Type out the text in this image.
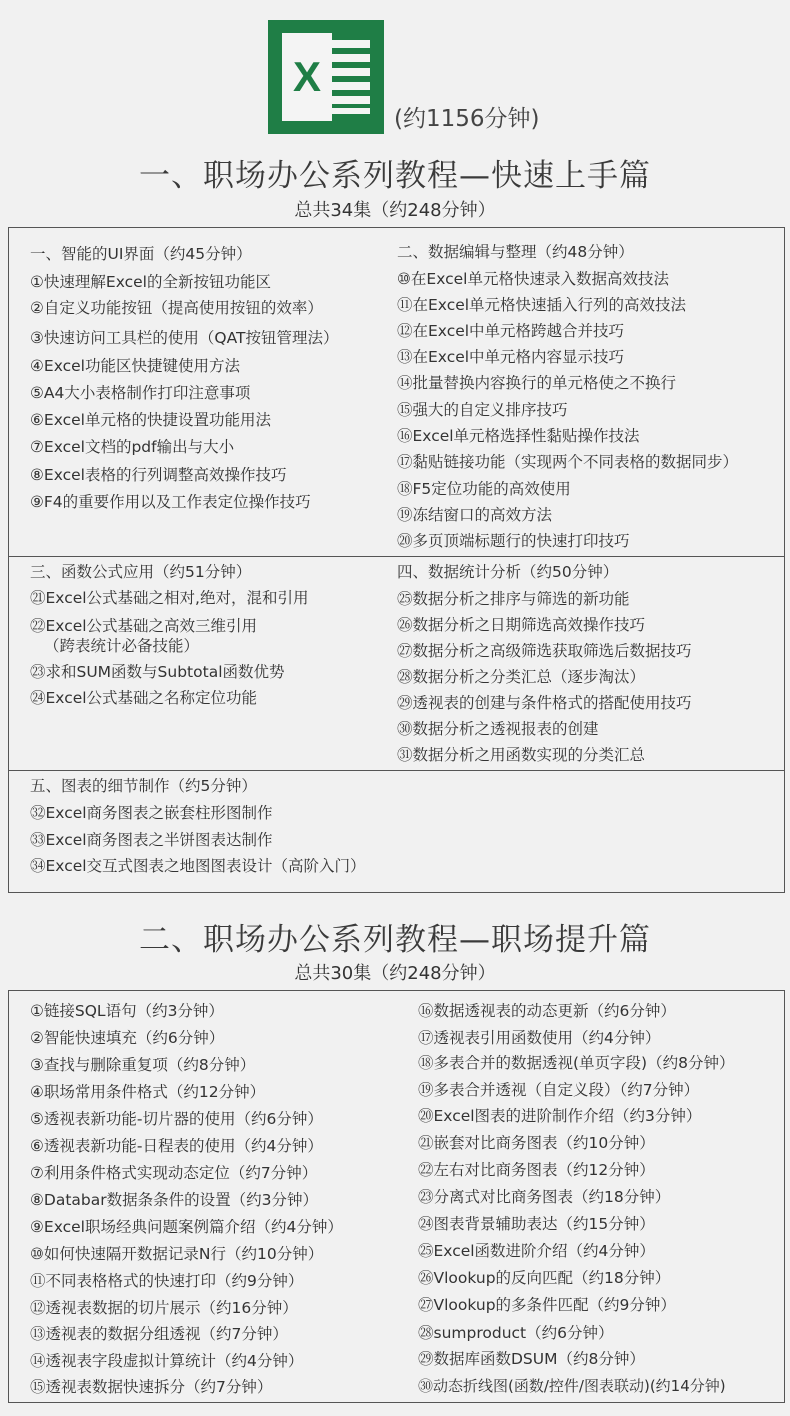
X
(约1156分钟)
一、职场办公系列教程—快速上手篇
总共34集（约248分钟）
一、智能的UI界面（约45分钟）
①快速理解Excel的全新按钮功能区
②自定义功能按钮（提高使用按钮的效率）
③快速访问工具栏的使用（QAT按钮管理法）
④Excel功能区快捷键使用方法
⑤A4大小表格制作打印注意事项
⑥Excel单元格的快捷设置功能用法
⑦Excel文档的pdf输出与大小
⑧Excel表格的行列调整高效操作技巧
⑨F4的重要作用以及工作表定位操作技巧
二、数据编辑与整理（约48分钟）
⑩在Excel单元格快速录入数据高效技法
⑪在Excel单元格快速插入行列的高效技法
⑫在Excel中单元格跨越合并技巧
⑬在Excel中单元格内容显示技巧
⑭批量替换内容换行的单元格使之不换行
⑮强大的自定义排序技巧
⑯Excel单元格选择性黏贴操作技法
⑰黏贴链接功能（实现两个不同表格的数据同步）
⑱F5定位功能的高效使用
⑲冻结窗口的高效方法
⑳多页顶端标题行的快速打印技巧
三、函数公式应用（约51分钟）
㉑Excel公式基础之相对,绝对，混和引用
㉒Excel公式基础之高效三维引用
（跨表统计必备技能）
㉓求和SUM函数与Subtotal函数优势
㉔Excel公式基础之名称定位功能
四、数据统计分析（约50分钟）
㉕数据分析之排序与筛选的新功能
㉖数据分析之日期筛选高效操作技巧
㉗数据分析之高级筛选获取筛选后数据技巧
㉘数据分析之分类汇总（逐步淘汰）
㉙透视表的创建与条件格式的搭配使用技巧
㉚数据分析之透视报表的创建
㉛数据分析之用函数实现的分类汇总
五、图表的细节制作（约5分钟）
㉜Excel商务图表之嵌套柱形图制作
㉝Excel商务图表之半饼图表达制作
㉞Excel交互式图表之地图图表设计（高阶入门）
二、职场办公系列教程—职场提升篇
总共30集（约248分钟）
①链接SQL语句（约3分钟）
②智能快速填充（约6分钟）
③查找与删除重复项（约8分钟）
④职场常用条件格式（约12分钟）
⑤透视表新功能-切片器的使用（约6分钟）
⑥透视表新功能-日程表的使用（约4分钟）
⑦利用条件格式实现动态定位（约7分钟）
⑧Databar数据条条件的设置（约3分钟）
⑨Excel职场经典问题案例篇介绍（约4分钟）
⑩如何快速隔开数据记录N行（约10分钟）
⑪不同表格格式的快速打印（约9分钟）
⑫透视表数据的切片展示（约16分钟）
⑬透视表的数据分组透视（约7分钟）
⑭透视表字段虚拟计算统计（约4分钟）
⑮透视表数据快速拆分（约7分钟）
⑯数据透视表的动态更新（约6分钟）
⑰透视表引用函数使用（约4分钟）
⑱多表合并的数据透视(单页字段)（约8分钟）
⑲多表合并透视（自定义段）（约7分钟）
⑳Excel图表的进阶制作介绍（约3分钟）
㉑嵌套对比商务图表（约10分钟）
㉒左右对比商务图表（约12分钟）
㉓分离式对比商务图表（约18分钟）
㉔图表背景辅助表达（约15分钟）
㉕Excel函数进阶介绍（约4分钟）
㉖Vlookup的反向匹配（约18分钟）
㉗Vlookup的多条件匹配（约9分钟）
㉘sumproduct（约6分钟）
㉙数据库函数DSUM（约8分钟）
㉚动态折线图(函数/控件/图表联动)(约14分钟)
